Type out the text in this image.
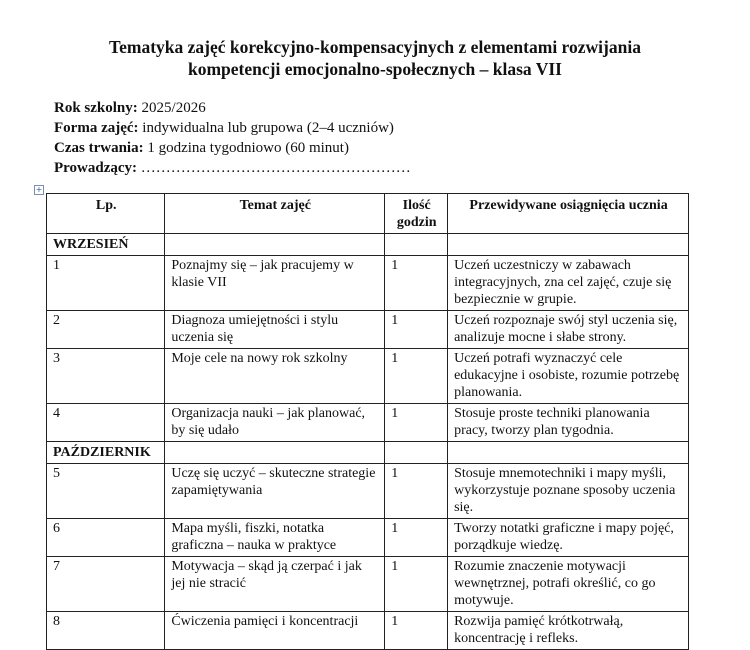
Tematyka zajęć korekcyjno-kompensacyjnych z elementami rozwijania
kompetencji emocjonalno-społecznych – klasa VII
Rok szkolny: 2025/2026
Forma zajęć: indywidualna lub grupowa (2–4 uczniów)
Czas trwania: 1 godzina tygodniowo (60 minut)
Prowadzący: ………………………………………………
+
Lp.	Temat zajęć	Ilość godzin	Przewidywane osiągnięcia ucznia
WRZESIEŃ			
1	Poznajmy się – jak pracujemy w klasie VII	1	Uczeń uczestniczy w zabawach integracyjnych, zna cel zajęć, czuje się bezpiecznie w grupie.
2	Diagnoza umiejętności i stylu uczenia się	1	Uczeń rozpoznaje swój styl uczenia się, analizuje mocne i słabe strony.
3	Moje cele na nowy rok szkolny	1	Uczeń potrafi wyznaczyć cele edukacyjne i osobiste, rozumie potrzebę planowania.
4	Organizacja nauki – jak planować, by się udało	1	Stosuje proste techniki planowania pracy, tworzy plan tygodnia.
PAŹDZIERNIK			
5	Uczę się uczyć – skuteczne strategie zapamiętywania	1	Stosuje mnemotechniki i mapy myśli, wykorzystuje poznane sposoby uczenia się.
6	Mapa myśli, fiszki, notatka graficzna – nauka w praktyce	1	Tworzy notatki graficzne i mapy pojęć, porządkuje wiedzę.
7	Motywacja – skąd ją czerpać i jak jej nie stracić	1	Rozumie znaczenie motywacji wewnętrznej, potrafi określić, co go motywuje.
8	Ćwiczenia pamięci i koncentracji	1	Rozwija pamięć krótkotrwałą, koncentrację i refleks.
